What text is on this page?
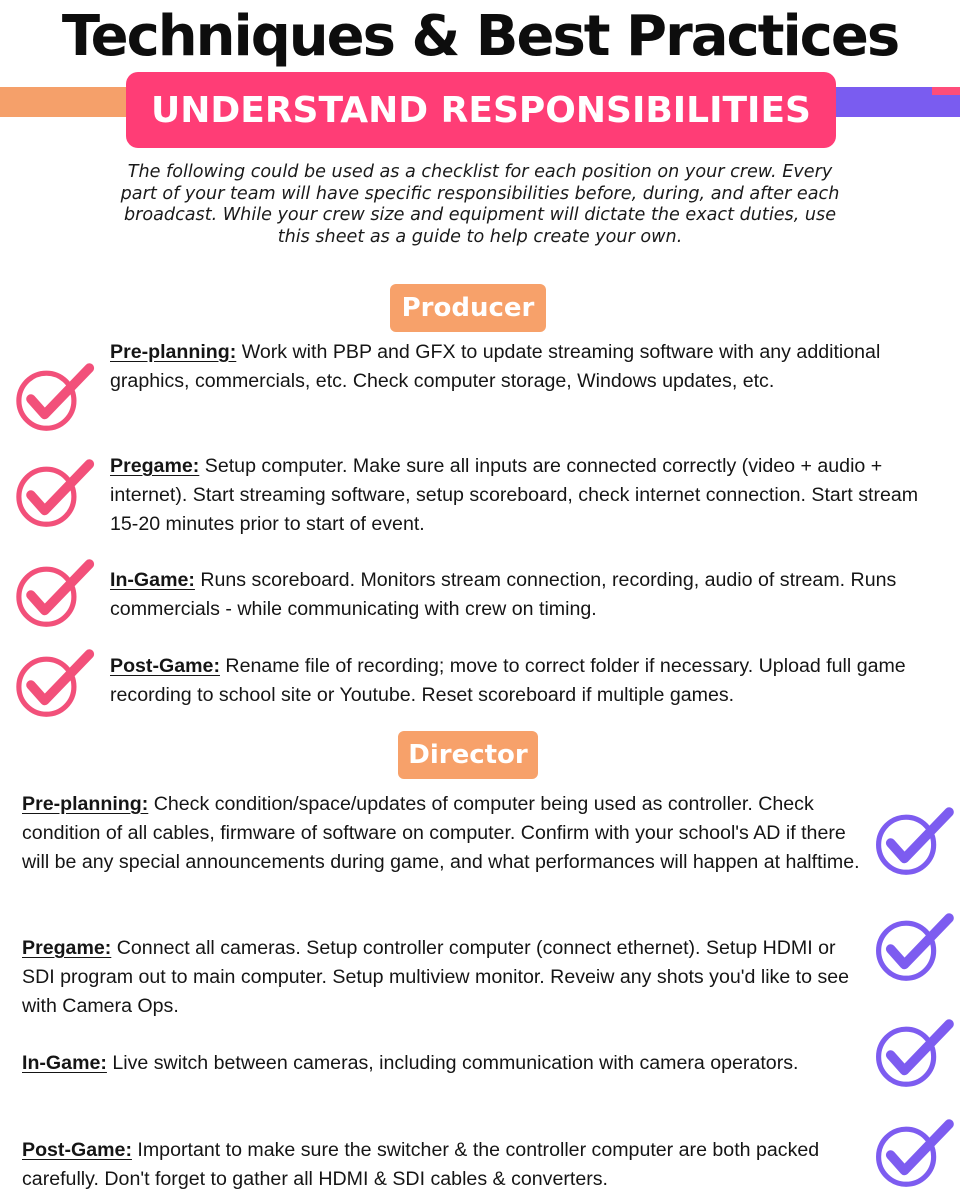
Techniques & Best Practices
UNDERSTAND RESPONSIBILITIES
The following could be used as a checklist for each position on your crew. Every part of your team will have specific responsibilities before, during, and after each broadcast. While your crew size and equipment will dictate the exact duties, use this sheet as a guide to help create your own.
Producer
Pre-planning: Work with PBP and GFX to update streaming software with any additional graphics, commercials, etc. Check computer storage, Windows updates, etc.
Pregame: Setup computer. Make sure all inputs are connected correctly (video + audio + internet). Start streaming software, setup scoreboard, check internet connection. Start stream 15-20 minutes prior to start of event.
In-Game: Runs scoreboard. Monitors stream connection, recording, audio of stream. Runs commercials - while communicating with crew on timing.
Post-Game: Rename file of recording; move to correct folder if necessary. Upload full game recording to school site or Youtube. Reset scoreboard if multiple games.
Director
Pre-planning: Check condition/space/updates of computer being used as controller. Check condition of all cables, firmware of software on computer. Confirm with your school's AD if there will be any special announcements during game, and what performances will happen at halftime.
Pregame: Connect all cameras. Setup controller computer (connect ethernet). Setup HDMI or SDI program out to main computer. Setup multiview monitor. Reveiw any shots you'd like to see with Camera Ops.
In-Game: Live switch between cameras, including communication with camera operators.
Post-Game: Important to make sure the switcher & the controller computer are both packed carefully. Don't forget to gather all HDMI & SDI cables & converters.
